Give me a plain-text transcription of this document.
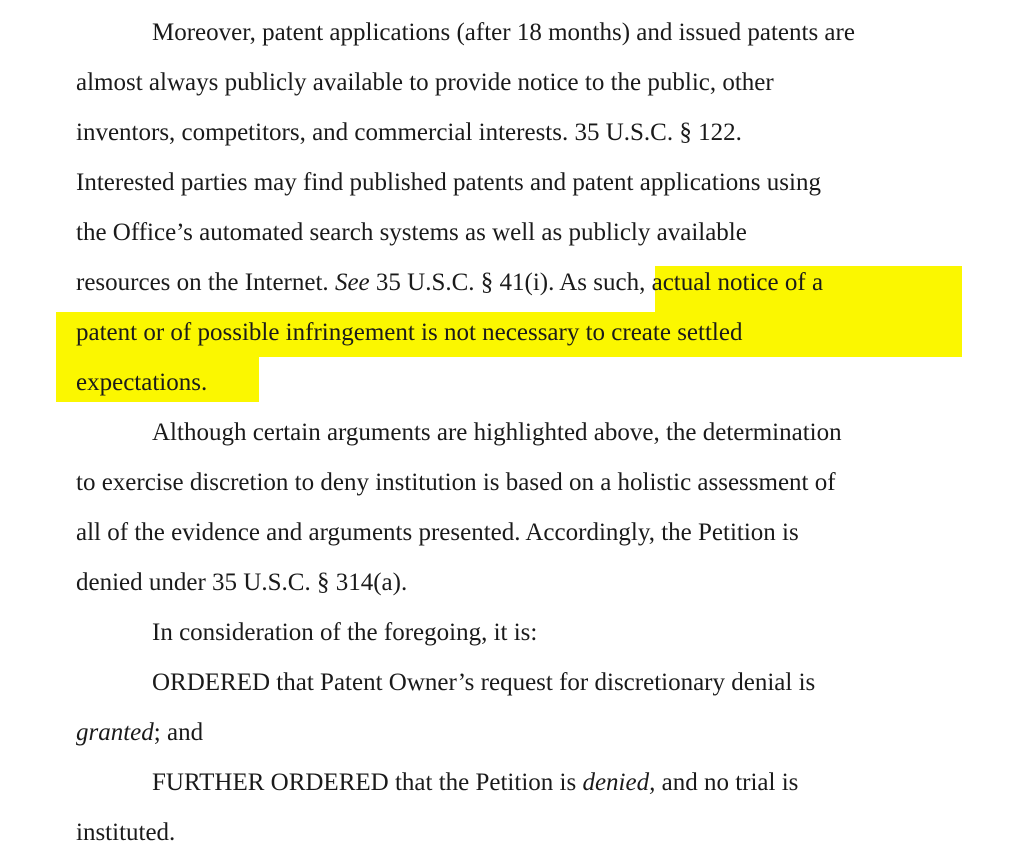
Moreover, patent applications (after 18 months) and issued patents are
almost always publicly available to provide notice to the public, other
inventors, competitors, and commercial interests. 35 U.S.C. § 122.
Interested parties may find published patents and patent applications using
the Office’s automated search systems as well as publicly available
resources on the Internet. See 35 U.S.C. § 41(i). As such, actual notice of a
patent or of possible infringement is not necessary to create settled
expectations.
Although certain arguments are highlighted above, the determination
to exercise discretion to deny institution is based on a holistic assessment of
all of the evidence and arguments presented. Accordingly, the Petition is
denied under 35 U.S.C. § 314(a).
In consideration of the foregoing, it is:
ORDERED that Patent Owner’s request for discretionary denial is
granted; and
FURTHER ORDERED that the Petition is denied, and no trial is
instituted.
